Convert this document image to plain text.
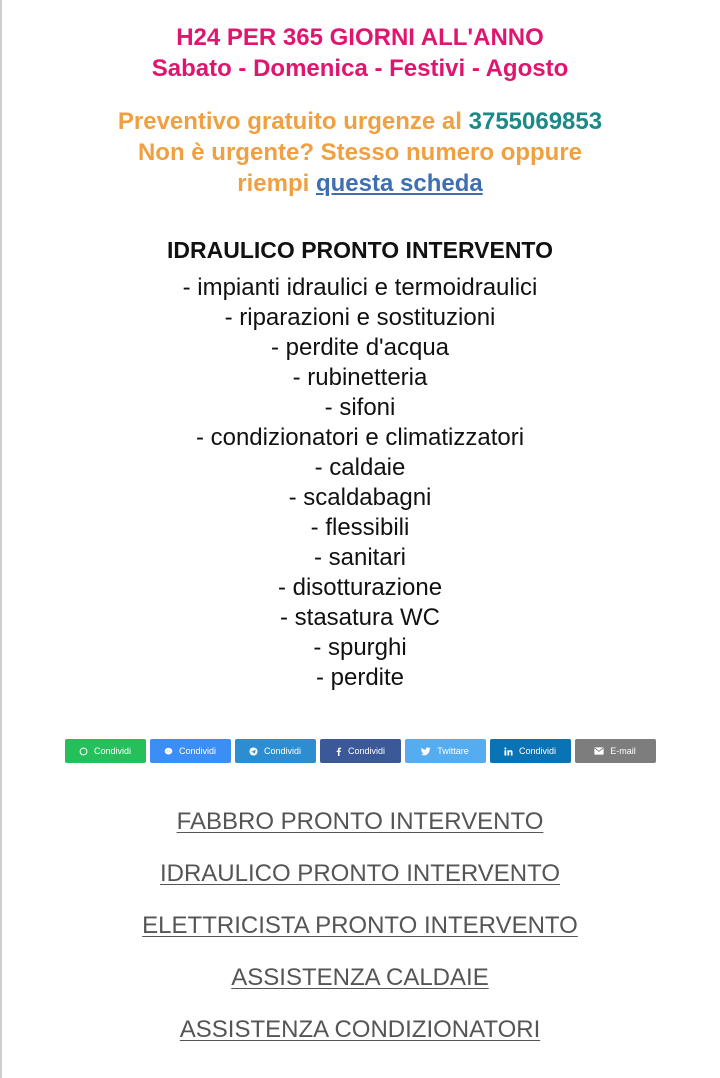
H24 PER 365 GIORNI ALL'ANNO
Sabato - Domenica - Festivi - Agosto
Preventivo gratuito urgenze al 3755069853
Non è urgente? Stesso numero oppure
riempi questa scheda
IDRAULICO PRONTO INTERVENTO
- impianti idraulici e termoidraulici
- riparazioni e sostituzioni
- perdite d'acqua
- rubinetteria
- sifoni
- condizionatori e climatizzatori
- caldaie
- scaldabagni
- flessibili
- sanitari
- disotturazione
- stasatura WC
- spurghi
- perdite
Condividi	Condividi	Condividi	Condividi	Twittare	Condividi	E-mail
FABBRO PRONTO INTERVENTO
IDRAULICO PRONTO INTERVENTO
ELETTRICISTA PRONTO INTERVENTO
ASSISTENZA CALDAIE
ASSISTENZA CONDIZIONATORI
